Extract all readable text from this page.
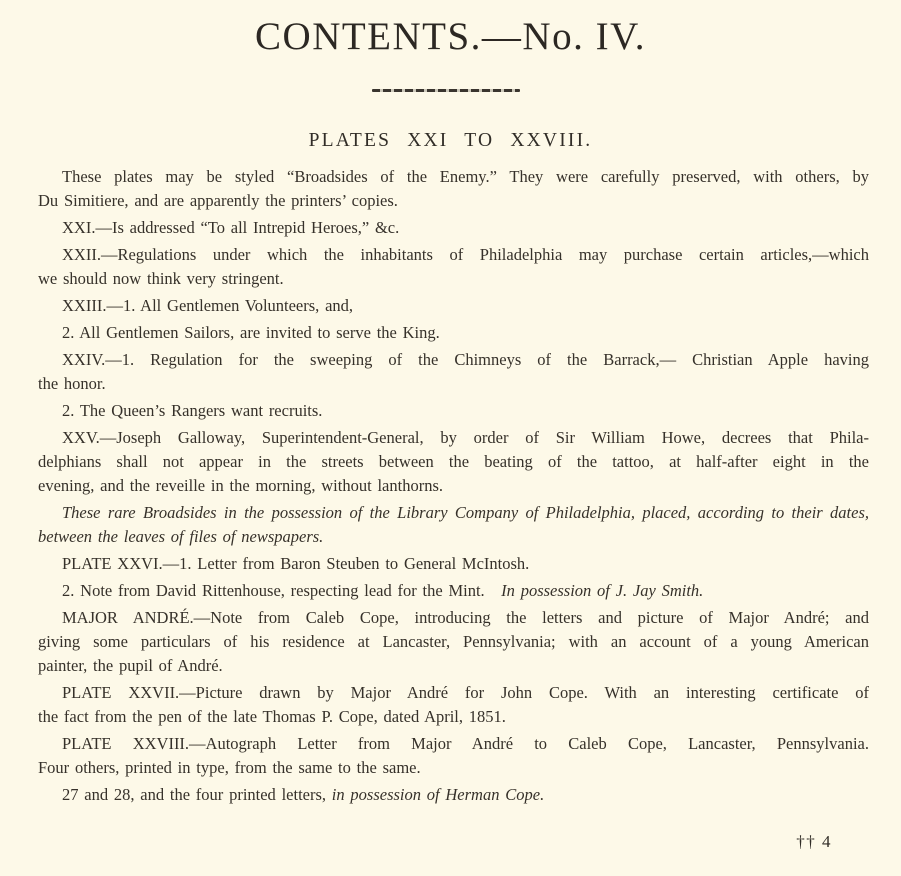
CONTENTS.—No. IV.
PLATES XXI TO XXVIII.

These plates may be styled “Broadsides of the Enemy.” They were carefully preserved, with others, by
Du Simitiere, and are apparently the printers’ copies.

XXI.—Is addressed “To all Intrepid Heroes,” &c.

XXII.—Regulations under which the inhabitants of Philadelphia may purchase certain articles,—which
we should now think very stringent.

XXIII.—1. All Gentlemen Volunteers, and,

2. All Gentlemen Sailors, are invited to serve the King.

XXIV.—1. Regulation for the sweeping of the Chimneys of the Barrack,— Christian Apple having
the honor.

2. The Queen’s Rangers want recruits.

XXV.—Joseph Galloway, Superintendent-General, by order of Sir William Howe, decrees that Phila-
delphians shall not appear in the streets between the beating of the tattoo, at half-after eight in the
evening, and the reveille in the morning, without lanthorns.

These rare Broadsides in the possession of the Library Company of Philadelphia, placed, according to their dates,
between the leaves of files of newspapers.

PLATE XXVI.—1. Letter from Baron Steuben to General McIntosh.

2. Note from David Rittenhouse, respecting lead for the Mint. In possession of J. Jay Smith.

MAJOR ANDRÉ.—Note from Caleb Cope, introducing the letters and picture of Major André; and
giving some particulars of his residence at Lancaster, Pennsylvania; with an account of a young American
painter, the pupil of André.

PLATE XXVII.—Picture drawn by Major André for John Cope. With an interesting certificate of
the fact from the pen of the late Thomas P. Cope, dated April, 1851.

PLATE XXVIII.—Autograph Letter from Major André to Caleb Cope, Lancaster, Pennsylvania.
Four others, printed in type, from the same to the same.

27 and 28, and the four printed letters, in possession of Herman Cope.

†† 4
